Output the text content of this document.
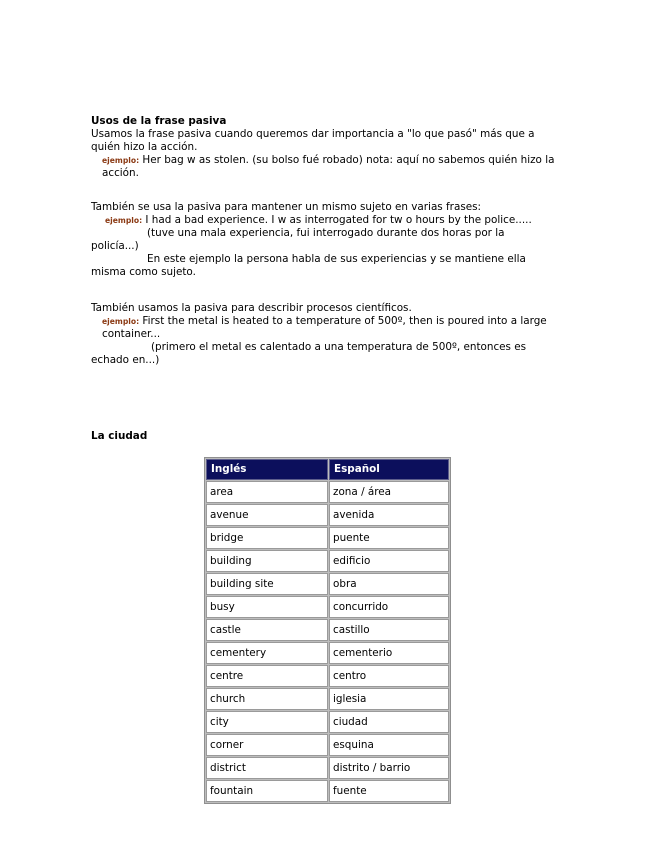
Usos de la frase pasiva
Usamos la frase pasiva cuando queremos dar importancia a "lo que pasó" más que a quién hizo la acción.
ejemplo: Her bag w as stolen. (su bolso fué robado) nota: aquí no sabemos quién hizo la acción.
También se usa la pasiva para mantener un mismo sujeto en varias frases:
ejemplo: I had a bad experience. I w as interrogated for tw o hours by the police.....
(tuve una mala experiencia, fui interrogado durante dos horas por la
policía...)
En este ejemplo la persona habla de sus experiencias y se mantiene ella
misma como sujeto.
También usamos la pasiva para describir procesos científicos.
ejemplo: First the metal is heated to a temperature of 500º, then is poured into a large container...
(primero el metal es calentado a una temperatura de 500º, entonces es
echado en...)
La ciudad
Inglés	Español
area	zona / área
avenue	avenida
bridge	puente
building	edificio
building site	obra
busy	concurrido
castle	castillo
cementery	cementerio
centre	centro
church	iglesia
city	ciudad
corner	esquina
district	distrito / barrio
fountain	fuente
